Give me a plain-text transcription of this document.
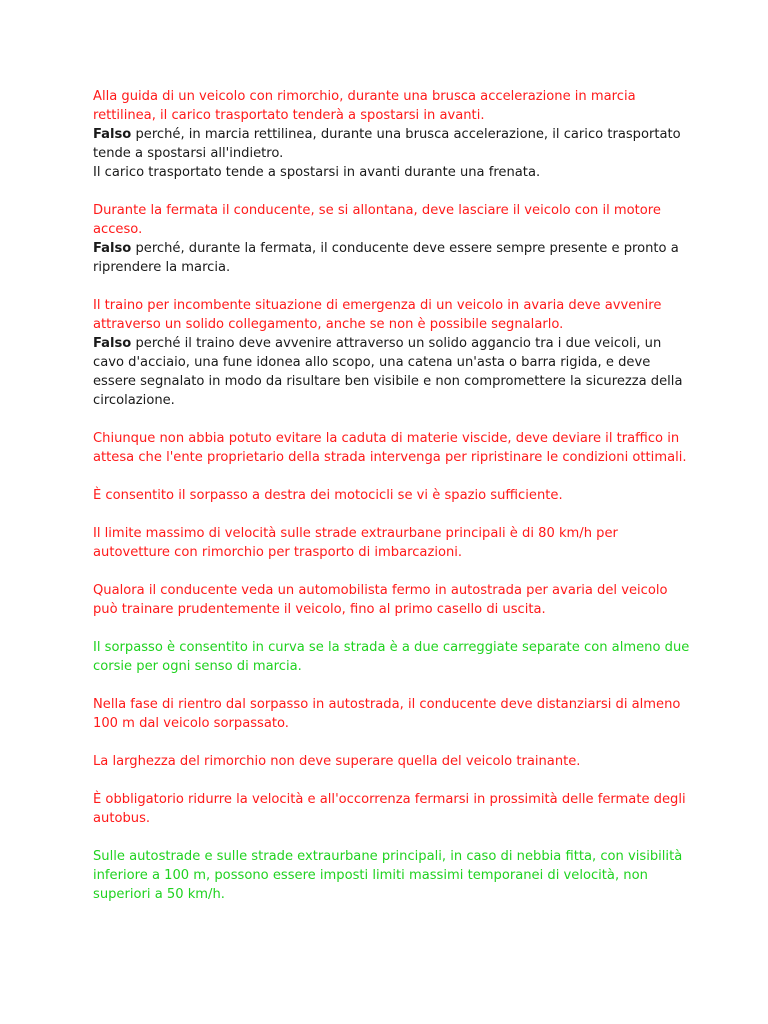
Alla guida di un veicolo con rimorchio, durante una brusca accelerazione in marcia rettilinea, il carico trasportato tenderà a spostarsi in avanti.
Falso perché, in marcia rettilinea, durante una brusca accelerazione, il carico trasportato tende a spostarsi all'indietro.
Il carico trasportato tende a spostarsi in avanti durante una frenata.
Durante la fermata il conducente, se si allontana, deve lasciare il veicolo con il motore acceso.
Falso perché, durante la fermata, il conducente deve essere sempre presente e pronto a riprendere la marcia.
Il traino per incombente situazione di emergenza di un veicolo in avaria deve avvenire attraverso un solido collegamento, anche se non è possibile segnalarlo.
Falso perché il traino deve avvenire attraverso un solido aggancio tra i due veicoli, un cavo d'acciaio, una fune idonea allo scopo, una catena un'asta o barra rigida, e deve essere segnalato in modo da risultare ben visibile e non compromettere la sicurezza della circolazione.
Chiunque non abbia potuto evitare la caduta di materie viscide, deve deviare il traffico in attesa che l'ente proprietario della strada intervenga per ripristinare le condizioni ottimali.
È consentito il sorpasso a destra dei motocicli se vi è spazio sufficiente.
Il limite massimo di velocità sulle strade extraurbane principali è di 80 km/h per autovetture con rimorchio per trasporto di imbarcazioni.
Qualora il conducente veda un automobilista fermo in autostrada per avaria del veicolo può trainare prudentemente il veicolo, fino al primo casello di uscita.
Il sorpasso è consentito in curva se la strada è a due carreggiate separate con almeno due corsie per ogni senso di marcia.
Nella fase di rientro dal sorpasso in autostrada, il conducente deve distanziarsi di almeno 100 m dal veicolo sorpassato.
La larghezza del rimorchio non deve superare quella del veicolo trainante.
È obbligatorio ridurre la velocità e all'occorrenza fermarsi in prossimità delle fermate degli autobus.
Sulle autostrade e sulle strade extraurbane principali, in caso di nebbia fitta, con visibilità inferiore a 100 m, possono essere imposti limiti massimi temporanei di velocità, non superiori a 50 km/h.
